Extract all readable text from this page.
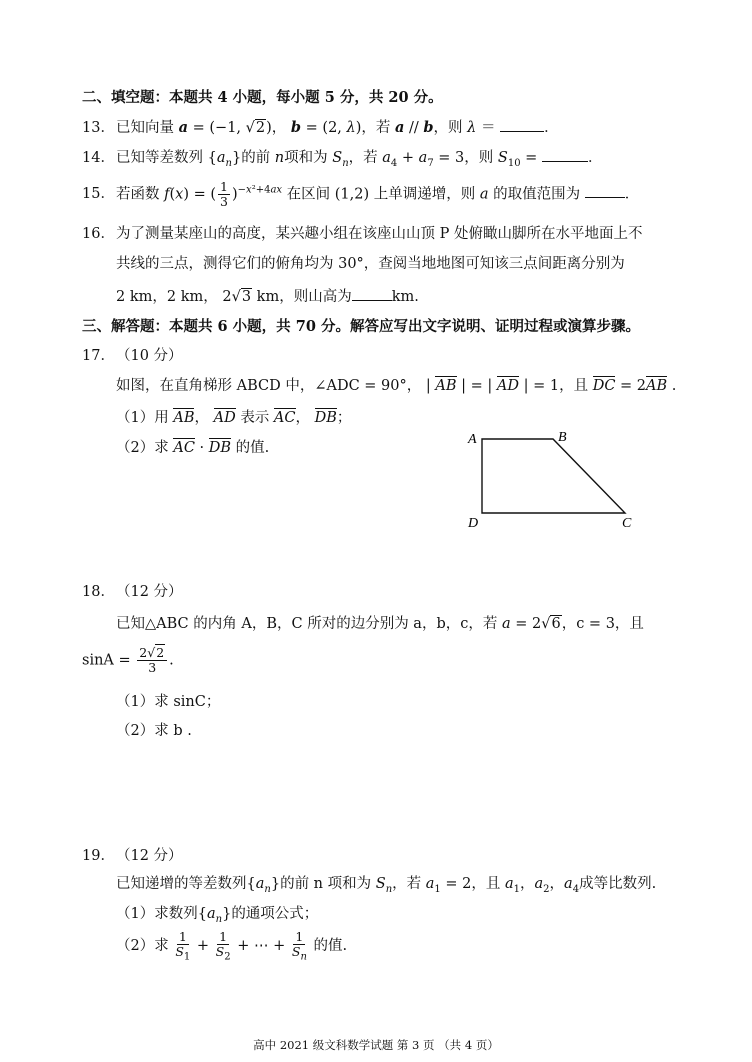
二、填空题：本题共 4 小题，每小题 5 分，共 20 分。
13．已知向量 a = (−1, √2)， b = (2, λ)，若 a // b，则 λ ＝	．
14．已知等差数列 $\{a_n\}$的前 n项和为 $S_n$，若 $a_4 + a_7 = 3$，则 $S_{10}$ =	．
15．若函数 f(x) = ( $\frac{1}{3} )^{-x^2+4ax}$ 在区间 (1,2) 上单调递增，则 a 的取值范围为	．
16．为了测量某座山的高度，某兴趣小组在该座山山顶 P 处俯瞰山脚所在水平地面上不
共线的三点，测得它们的俯角均为 30°，查阅当地地图可知该三点间距离分别为
2 km，2 km， 2√3 km，则山高为	km.
三、解答题：本题共 6 小题，共 70 分。解答应写出文字说明、证明过程或演算步骤。
17．（10 分）
如图，在直角梯形 ABCD 中，∠ADC = 90°， | AB | = | AD | = 1，且 DC = 2AB .
（1）用 AB， AD 表示 AC， DB；
（2）求 AC · DB 的值.
A	B
C
D
18．（12 分）
已知△ABC 的内角 A，B，C 所对的边分别为 a，b，c，若 a = 2√6，c = 3，且
$\sin A = \frac{2√2}{3}$ .
（1）求 sinC；
（2）求 b .
19．（12 分）
已知递增的等差数列$\{a_n\}$的前 n 项和为 $S_n$，若 $a_1 = 2$，且 $a_1$，$a_2$，$a_4$成等比数列.
（1）求数列$\{a_n\}$的通项公式；
（2）求 $\frac{1}{S_1} + \frac{1}{S_2}$ + ⋯ + $\frac{1}{S_n}$ 的值.
高中 2021 级文科数学试题 第 3 页 （共 4 页）
